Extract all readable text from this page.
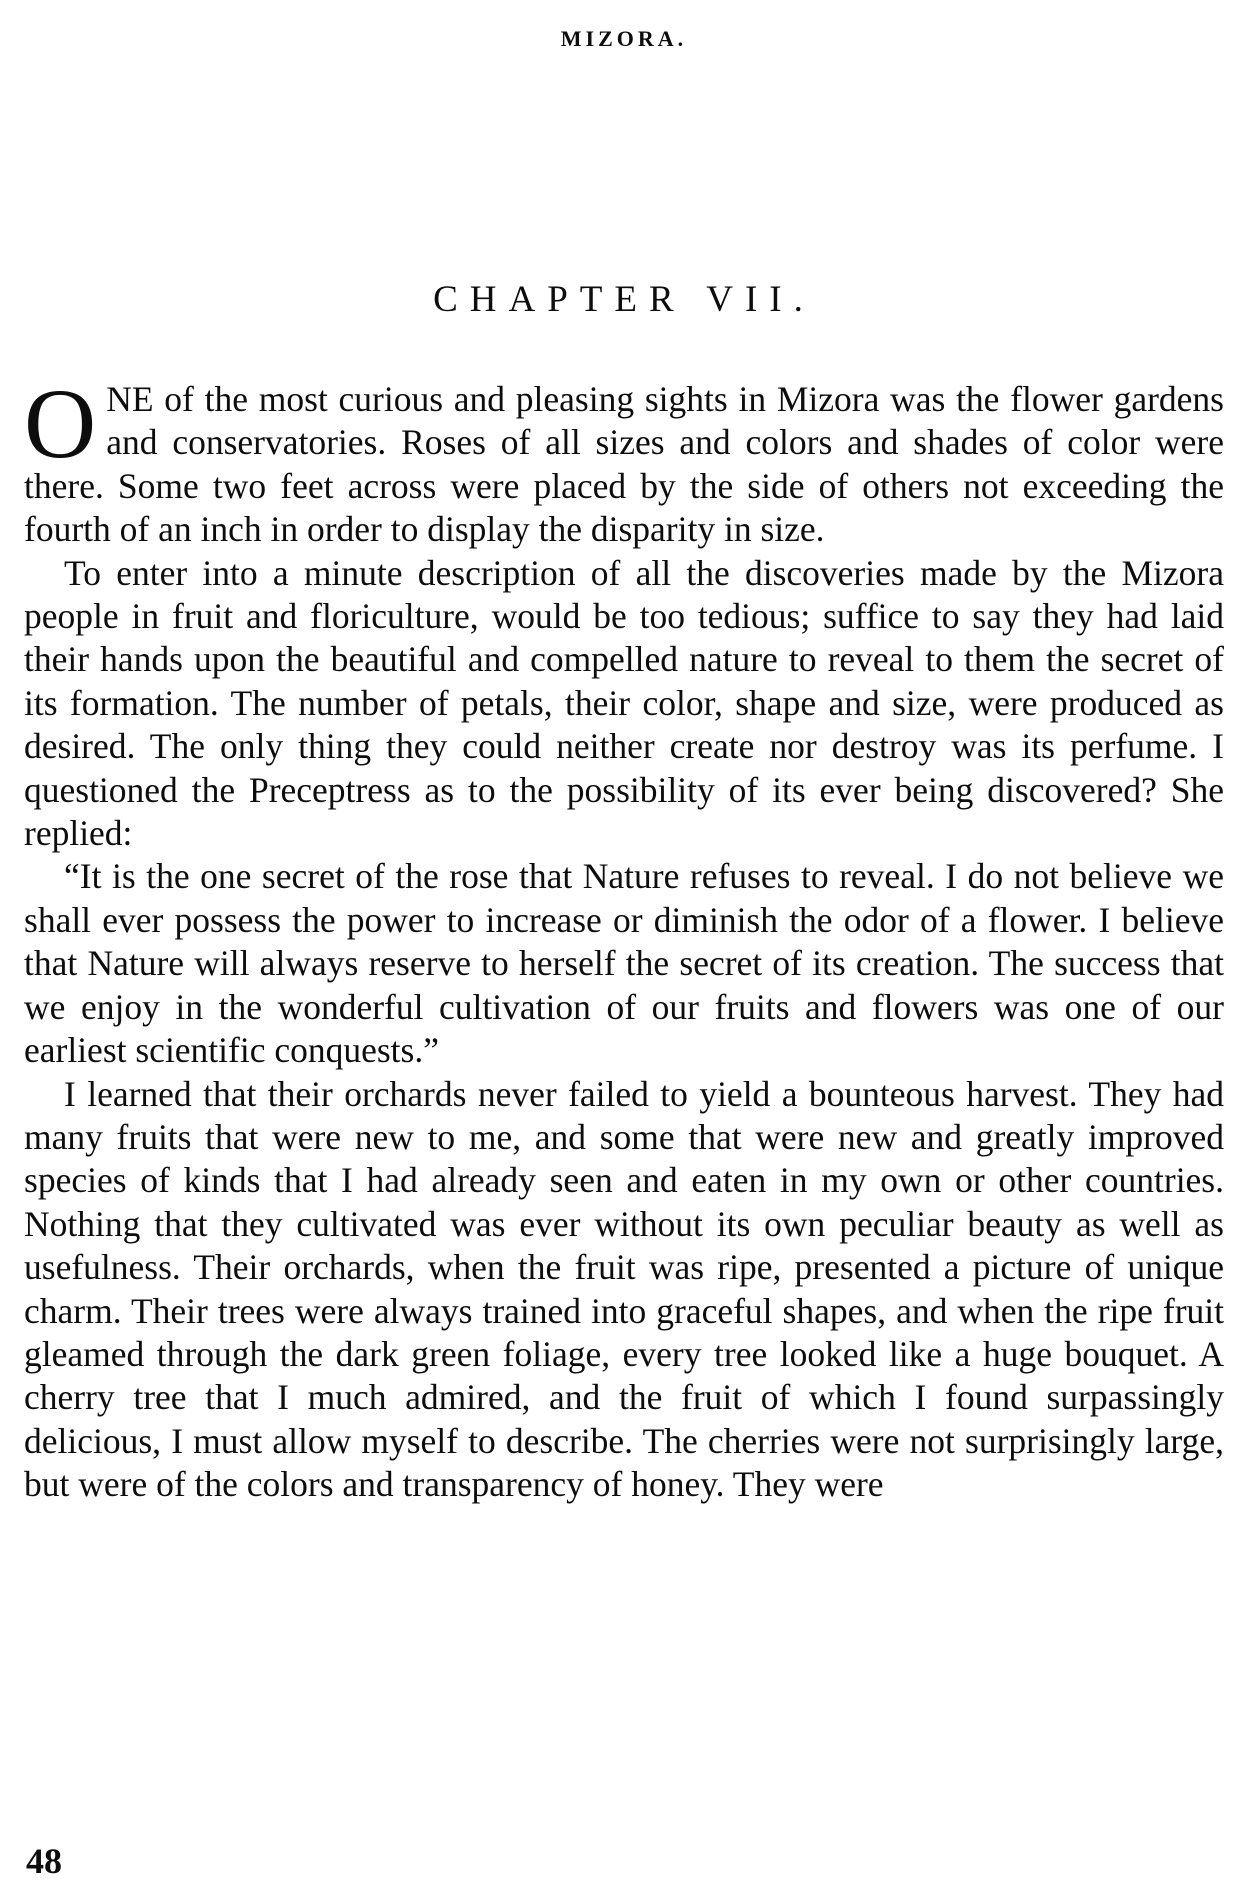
MIZORA.
CHAPTER VII.

ONE of the most curious and pleasing sights in Mizora was the flower gardens and conservatories. Roses of all sizes and colors and shades of color were there. Some two feet across were placed by the side of others not exceeding the fourth of an inch in order to display the disparity in size.

To enter into a minute description of all the discoveries made by the Mizora people in fruit and floriculture, would be too tedious; suffice to say they had laid their hands upon the beautiful and compelled nature to reveal to them the secret of its formation. The number of petals, their color, shape and size, were produced as desired. The only thing they could neither create nor destroy was its perfume. I questioned the Preceptress as to the possibility of its ever being discovered? She replied:

“It is the one secret of the rose that Nature refuses to reveal. I do not believe we shall ever possess the power to increase or diminish the odor of a flower. I believe that Nature will always reserve to herself the secret of its creation. The success that we enjoy in the wonderful cultivation of our fruits and flowers was one of our earliest scientific conquests.”

I learned that their orchards never failed to yield a bounteous harvest. They had many fruits that were new to me, and some that were new and greatly improved species of kinds that I had already seen and eaten in my own or other countries. Nothing that they cultivated was ever without its own peculiar beauty as well as usefulness. Their orchards, when the fruit was ripe, presented a picture of unique charm. Their trees were always trained into graceful shapes, and when the ripe fruit gleamed through the dark green foliage, every tree looked like a huge bouquet. A cherry tree that I much admired, and the fruit of which I found surpassingly delicious, I must allow myself to describe. The cherries were not surprisingly large, but were of the colors and transparency of honey. They were

48
